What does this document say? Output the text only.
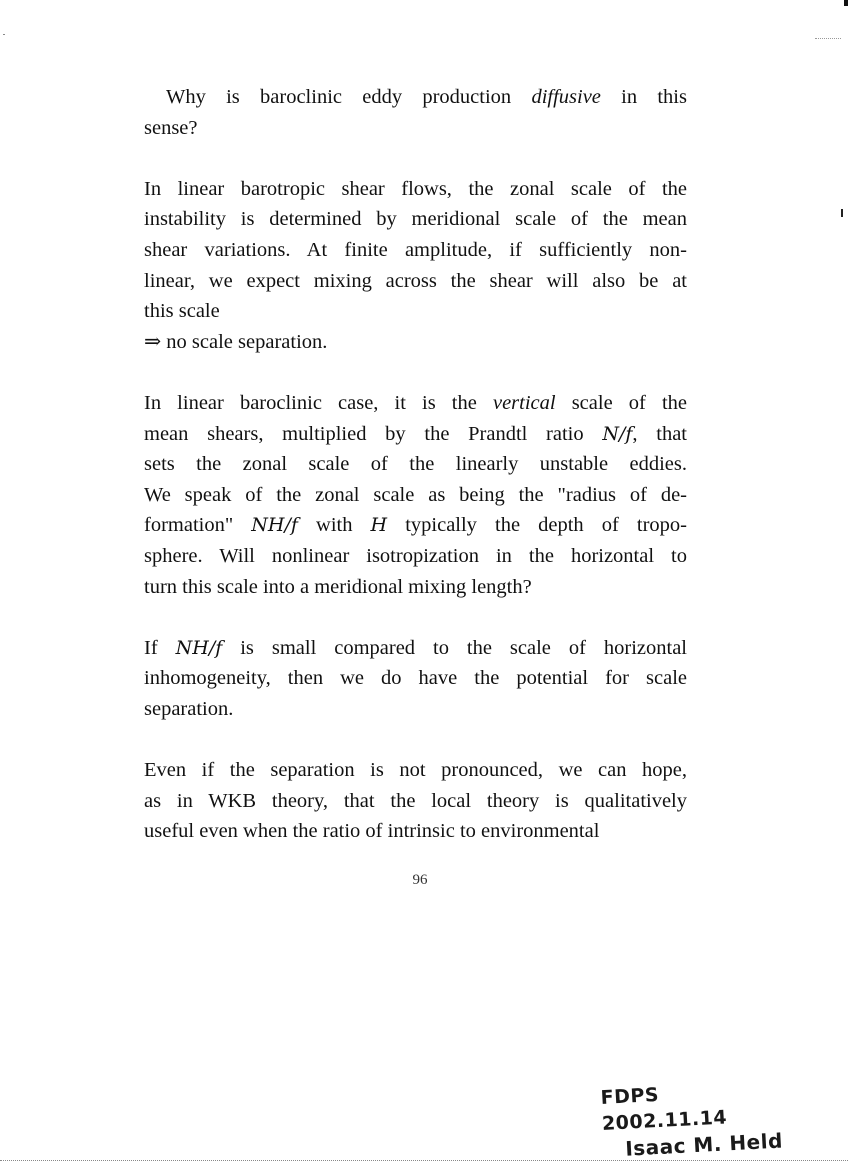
Why is baroclinic eddy production diffusive in this
sense?
In linear barotropic shear flows, the zonal scale of the
instability is determined by meridional scale of the mean
shear variations. At finite amplitude, if sufficiently non-
linear, we expect mixing across the shear will also be at
this scale
⇒ no scale separation.
In linear baroclinic case, it is the vertical scale of the
mean shears, multiplied by the Prandtl ratio N/f, that
sets the zonal scale of the linearly unstable eddies.
We speak of the zonal scale as being the "radius of de-
formation" NH/f with H typically the depth of tropo-
sphere. Will nonlinear isotropization in the horizontal to
turn this scale into a meridional mixing length?
If NH/f is small compared to the scale of horizontal
inhomogeneity, then we do have the potential for scale
separation.
Even if the separation is not pronounced, we can hope,
as in WKB theory, that the local theory is qualitatively
useful even when the ratio of intrinsic to environmental
96
FDPS 2002.11.14
Isaac M. Held
